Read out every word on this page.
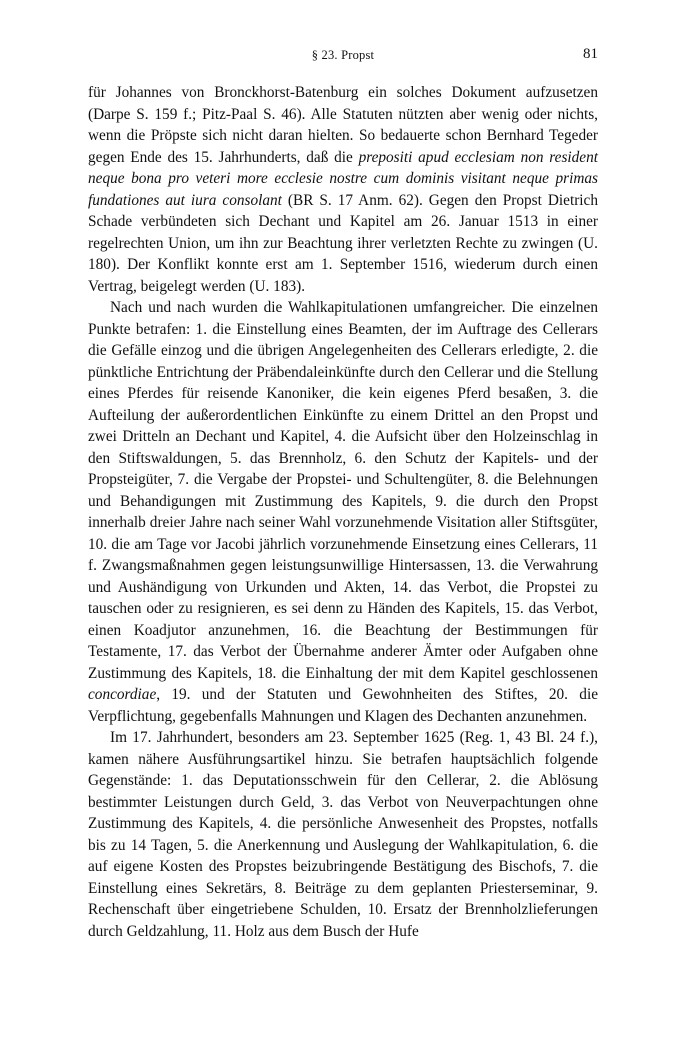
§ 23. Propst	81

für Johannes von Bronckhorst-Batenburg ein solches Dokument aufzusetzen (Darpe S. 159 f.; Pitz-Paal S. 46). Alle Statuten nützten aber wenig oder nichts, wenn die Pröpste sich nicht daran hielten. So bedauerte schon Bernhard Tegeder gegen Ende des 15. Jahrhunderts, daß die prepositi apud ecclesiam non resident neque bona pro veteri more ecclesie nostre cum dominis visitant neque primas fundationes aut iura consolant (BR S. 17 Anm. 62). Gegen den Propst Dietrich Schade verbündeten sich Dechant und Kapitel am 26. Januar 1513 in einer regelrechten Union, um ihn zur Beachtung ihrer verletzten Rechte zu zwingen (U. 180). Der Konflikt konnte erst am 1. September 1516, wiederum durch einen Vertrag, beigelegt werden (U. 183).

Nach und nach wurden die Wahlkapitulationen umfangreicher. Die einzelnen Punkte betrafen: 1. die Einstellung eines Beamten, der im Auftrage des Cellerars die Gefälle einzog und die übrigen Angelegenheiten des Cellerars erledigte, 2. die pünktliche Entrichtung der Präbendaleinkünfte durch den Cellerar und die Stellung eines Pferdes für reisende Kanoniker, die kein eigenes Pferd besaßen, 3. die Aufteilung der außerordentlichen Einkünfte zu einem Drittel an den Propst und zwei Dritteln an Dechant und Kapitel, 4. die Aufsicht über den Holzeinschlag in den Stiftswaldungen, 5. das Brennholz, 6. den Schutz der Kapitels- und der Propsteigüter, 7. die Vergabe der Propstei- und Schultengüter, 8. die Belehnungen und Behandigungen mit Zustimmung des Kapitels, 9. die durch den Propst innerhalb dreier Jahre nach seiner Wahl vorzunehmende Visitation aller Stiftsgüter, 10. die am Tage vor Jacobi jährlich vorzunehmende Einsetzung eines Cellerars, 11 f. Zwangsmaßnahmen gegen leistungsunwillige Hintersassen, 13. die Verwahrung und Aushändigung von Urkunden und Akten, 14. das Verbot, die Propstei zu tauschen oder zu resignieren, es sei denn zu Händen des Kapitels, 15. das Verbot, einen Koadjutor anzunehmen, 16. die Beachtung der Bestimmungen für Testamente, 17. das Verbot der Übernahme anderer Ämter oder Aufgaben ohne Zustimmung des Kapitels, 18. die Einhaltung der mit dem Kapitel geschlossenen concordiae, 19. und der Statuten und Gewohnheiten des Stiftes, 20. die Verpflichtung, gegebenfalls Mahnungen und Klagen des Dechanten anzunehmen.

Im 17. Jahrhundert, besonders am 23. September 1625 (Reg. 1, 43 Bl. 24 f.), kamen nähere Ausführungsartikel hinzu. Sie betrafen hauptsächlich folgende Gegenstände: 1. das Deputationsschwein für den Cellerar, 2. die Ablösung bestimmter Leistungen durch Geld, 3. das Verbot von Neuverpachtungen ohne Zustimmung des Kapitels, 4. die persönliche Anwesenheit des Propstes, notfalls bis zu 14 Tagen, 5. die Anerkennung und Auslegung der Wahlkapitulation, 6. die auf eigene Kosten des Propstes beizubringende Bestätigung des Bischofs, 7. die Einstellung eines Sekretärs, 8. Beiträge zu dem geplanten Priesterseminar, 9. Rechenschaft über eingetriebene Schulden, 10. Ersatz der Brennholzlieferungen durch Geldzahlung, 11. Holz aus dem Busch der Hufe
